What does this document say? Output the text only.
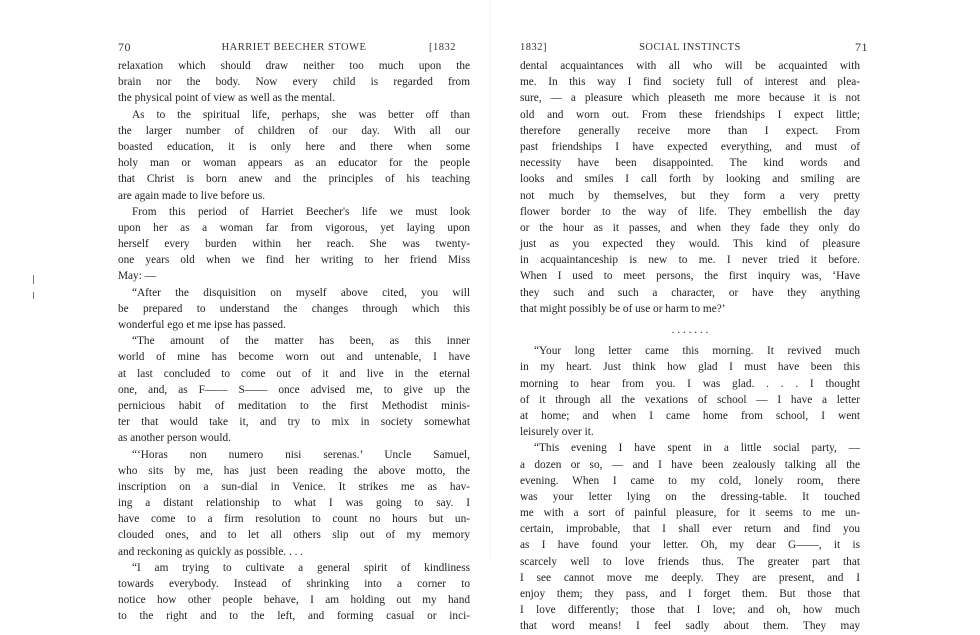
70	HARRIET BEECHER STOWE	[1832
relaxation which should draw neither too much upon the
brain nor the body. Now every child is regarded from
the physical point of view as well as the mental.
As to the spiritual life, perhaps, she was better off than
the larger number of children of our day. With all our
boasted education, it is only here and there when some
holy man or woman appears as an educator for the people
that Christ is born anew and the principles of his teaching
are again made to live before us.
From this period of Harriet Beecher's life we must look
upon her as a woman far from vigorous, yet laying upon
herself every burden within her reach. She was twenty-
one years old when we find her writing to her friend Miss
May: —
“After the disquisition on myself above cited, you will
be prepared to understand the changes through which this
wonderful ego et me ipse has passed.
“The amount of the matter has been, as this inner
world of mine has become worn out and untenable, I have
at last concluded to come out of it and live in the eternal
one, and, as F—— S—— once advised me, to give up the
pernicious habit of meditation to the first Methodist minis-
ter that would take it, and try to mix in society somewhat
as another person would.
“‘Horas non numero nisi serenas.’ Uncle Samuel,
who sits by me, has just been reading the above motto, the
inscription on a sun-dial in Venice. It strikes me as hav-
ing a distant relationship to what I was going to say. I
have come to a firm resolution to count no hours but un-
clouded ones, and to let all others slip out of my memory
and reckoning as quickly as possible. . . .
“I am trying to cultivate a general spirit of kindliness
towards everybody. Instead of shrinking into a corner to
notice how other people behave, I am holding out my hand
to the right and to the left, and forming casual or inci-
1832]	SOCIAL INSTINCTS	71
dental acquaintances with all who will be acquainted with
me. In this way I find society full of interest and plea-
sure, — a pleasure which pleaseth me more because it is not
old and worn out. From these friendships I expect little;
therefore generally receive more than I expect. From
past friendships I have expected everything, and must of
necessity have been disappointed. The kind words and
looks and smiles I call forth by looking and smiling are
not much by themselves, but they form a very pretty
flower border to the way of life. They embellish the day
or the hour as it passes, and when they fade they only do
just as you expected they would. This kind of pleasure
in acquaintanceship is new to me. I never tried it before.
When I used to meet persons, the first inquiry was, ‘Have
they such and such a character, or have they anything
that might possibly be of use or harm to me?’
. . . . . . .
“Your long letter came this morning. It revived much
in my heart. Just think how glad I must have been this
morning to hear from you. I was glad. . . . I thought
of it through all the vexations of school — I have a letter
at home; and when I came home from school, I went
leisurely over it.
“This evening I have spent in a little social party, —
a dozen or so, — and I have been zealously talking all the
evening. When I came to my cold, lonely room, there
was your letter lying on the dressing-table. It touched
me with a sort of painful pleasure, for it seems to me un-
certain, improbable, that I shall ever return and find you
as I have found your letter. Oh, my dear G——, it is
scarcely well to love friends thus. The greater part that
I see cannot move me deeply. They are present, and I
enjoy them; they pass, and I forget them. But those that
I love differently; those that I love; and oh, how much
that word means! I feel sadly about them. They may
